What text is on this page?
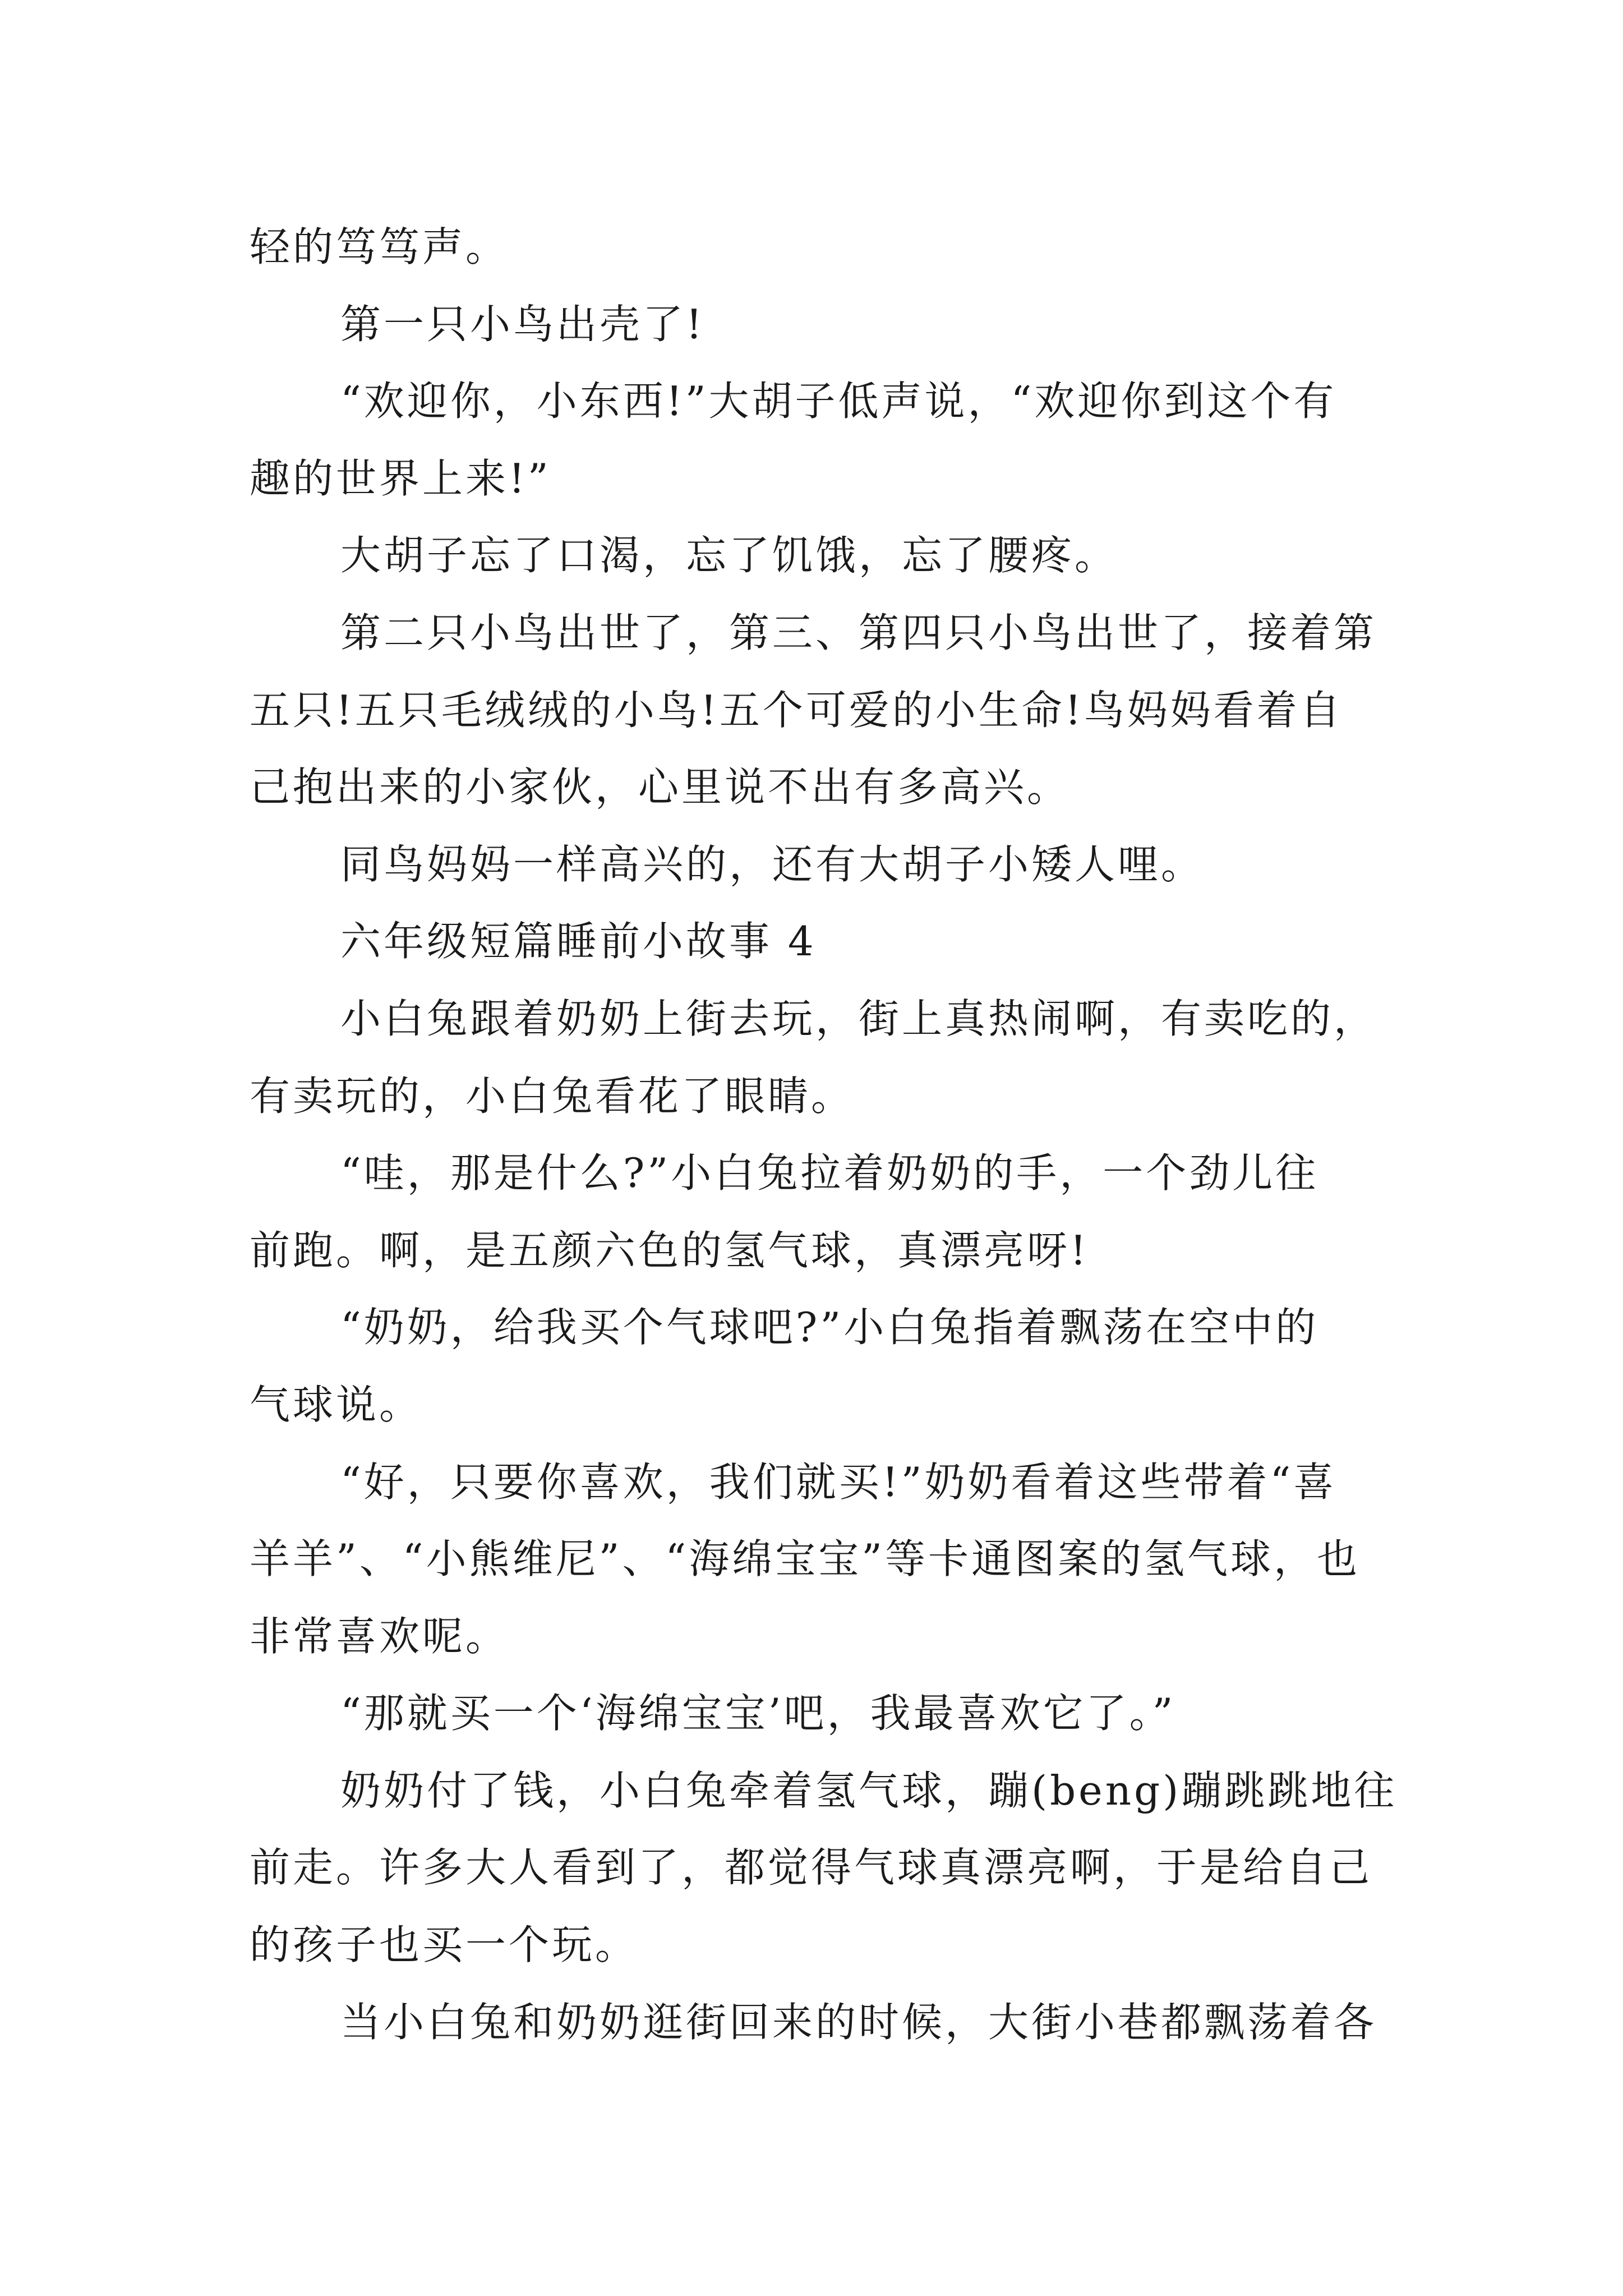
轻的笃笃声。
第一只小鸟出壳了!
“欢迎你，小东西!”大胡子低声说，“欢迎你到这个有
趣的世界上来!”
大胡子忘了口渴，忘了饥饿，忘了腰疼。
第二只小鸟出世了，第三、第四只小鸟出世了，接着第
五只!五只毛绒绒的小鸟!五个可爱的小生命!鸟妈妈看着自
己抱出来的小家伙，心里说不出有多高兴。
同鸟妈妈一样高兴的，还有大胡子小矮人哩。
六年级短篇睡前小故事 4
小白兔跟着奶奶上街去玩，街上真热闹啊，有卖吃的，
有卖玩的，小白兔看花了眼睛。
“哇，那是什么?”小白兔拉着奶奶的手，一个劲儿往
前跑。啊，是五颜六色的氢气球，真漂亮呀!
“奶奶，给我买个气球吧?”小白兔指着飘荡在空中的
气球说。
“好，只要你喜欢，我们就买!”奶奶看着这些带着“喜
羊羊”、“小熊维尼”、“海绵宝宝”等卡通图案的氢气球，也
非常喜欢呢。
“那就买一个‘海绵宝宝’吧，我最喜欢它了。”
奶奶付了钱，小白兔牵着氢气球，蹦(beng)蹦跳跳地往
前走。许多大人看到了，都觉得气球真漂亮啊，于是给自己
的孩子也买一个玩。
当小白兔和奶奶逛街回来的时候，大街小巷都飘荡着各
